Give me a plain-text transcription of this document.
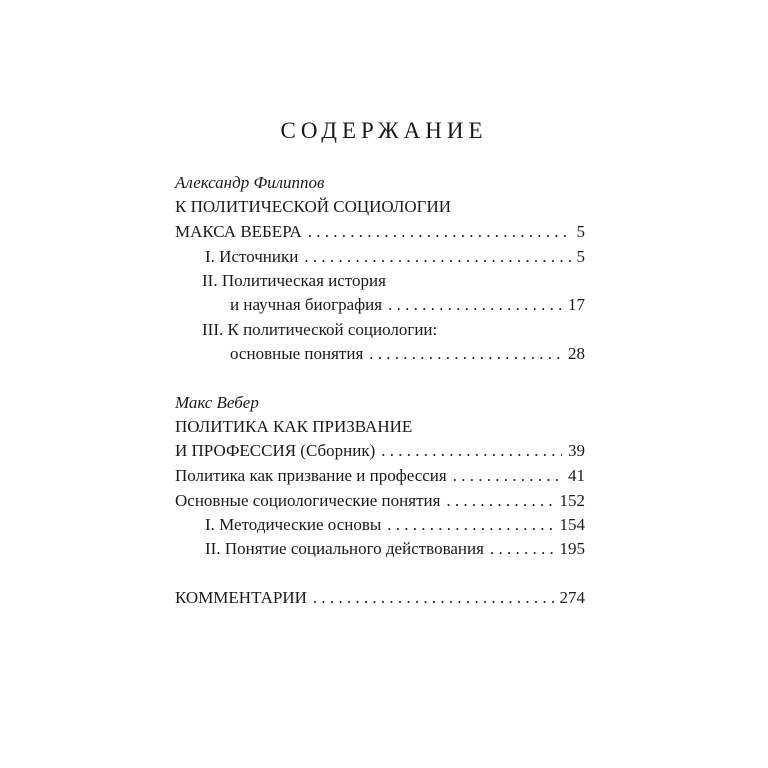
СОДЕРЖАНИЕ
Александр Филиппов
К ПОЛИТИЧЕСКОЙ СОЦИОЛОГИИ
МАКСА ВЕБЕРА . . .	5
I. Источники . . .	5
II. Политическая история
и научная биография . . .	17
III. К политической социологии:
основные понятия . . .	28
Макс Вебер
ПОЛИТИКА КАК ПРИЗВАНИЕ
И ПРОФЕССИЯ (Сборник) . . .	39
Политика как призвание и профессия . . .	41
Основные социологические понятия . . .	152
I. Методические основы . . .	154
II. Понятие социального действования . . .	195
КОММЕНТАРИИ . . .	274
